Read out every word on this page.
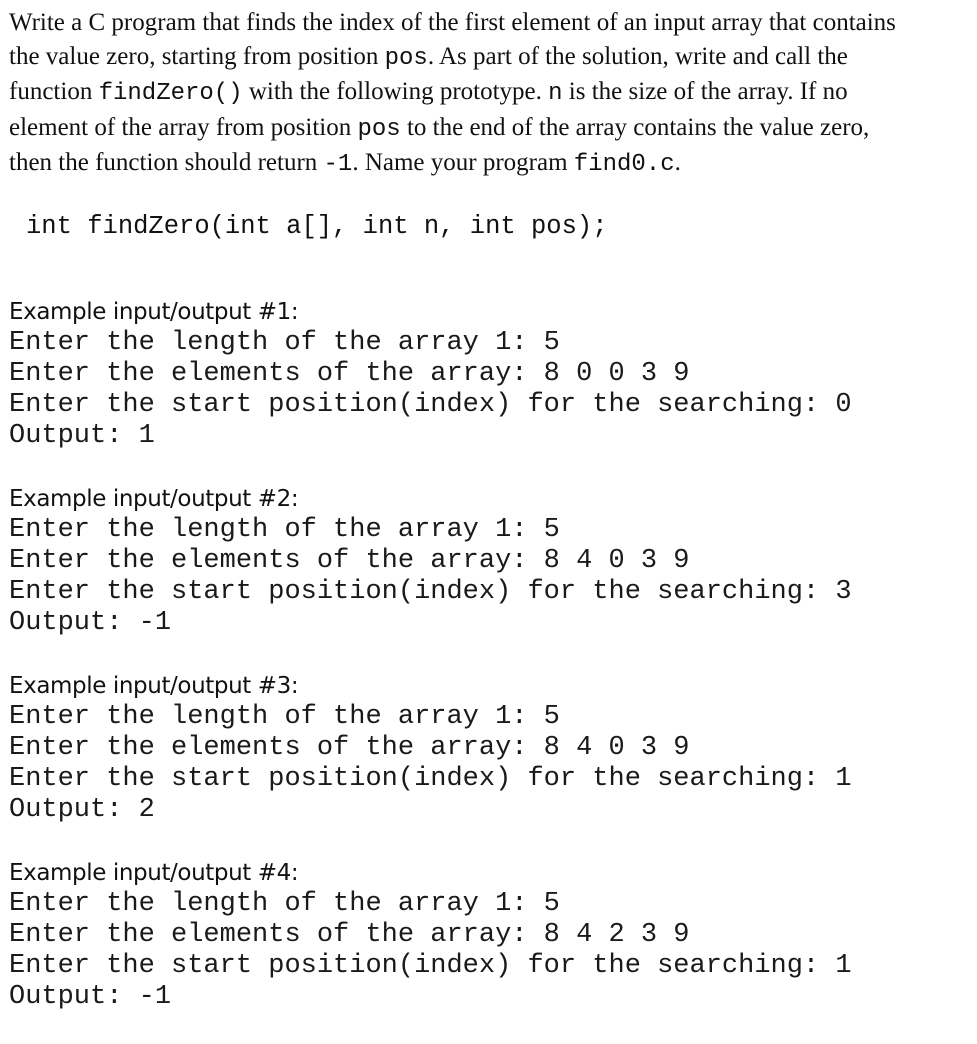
Write a C program that finds the index of the first element of an input array that contains
the value zero, starting from position pos. As part of the solution, write and call the
function findZero() with the following prototype. n is the size of the array. If no
element of the array from position pos to the end of the array contains the value zero,
then the function should return -1. Name your program find0.c.

int findZero(int a[], int n, int pos);
Example input/output #1:
Enter the length of the array 1: 5
Enter the elements of the array: 8 0 0 3 9
Enter the start position(index) for the searching: 0
Output: 1
Example input/output #2:
Enter the length of the array 1: 5
Enter the elements of the array: 8 4 0 3 9
Enter the start position(index) for the searching: 3
Output: -1
Example input/output #3:
Enter the length of the array 1: 5
Enter the elements of the array: 8 4 0 3 9
Enter the start position(index) for the searching: 1
Output: 2
Example input/output #4:
Enter the length of the array 1: 5
Enter the elements of the array: 8 4 2 3 9
Enter the start position(index) for the searching: 1
Output: -1
